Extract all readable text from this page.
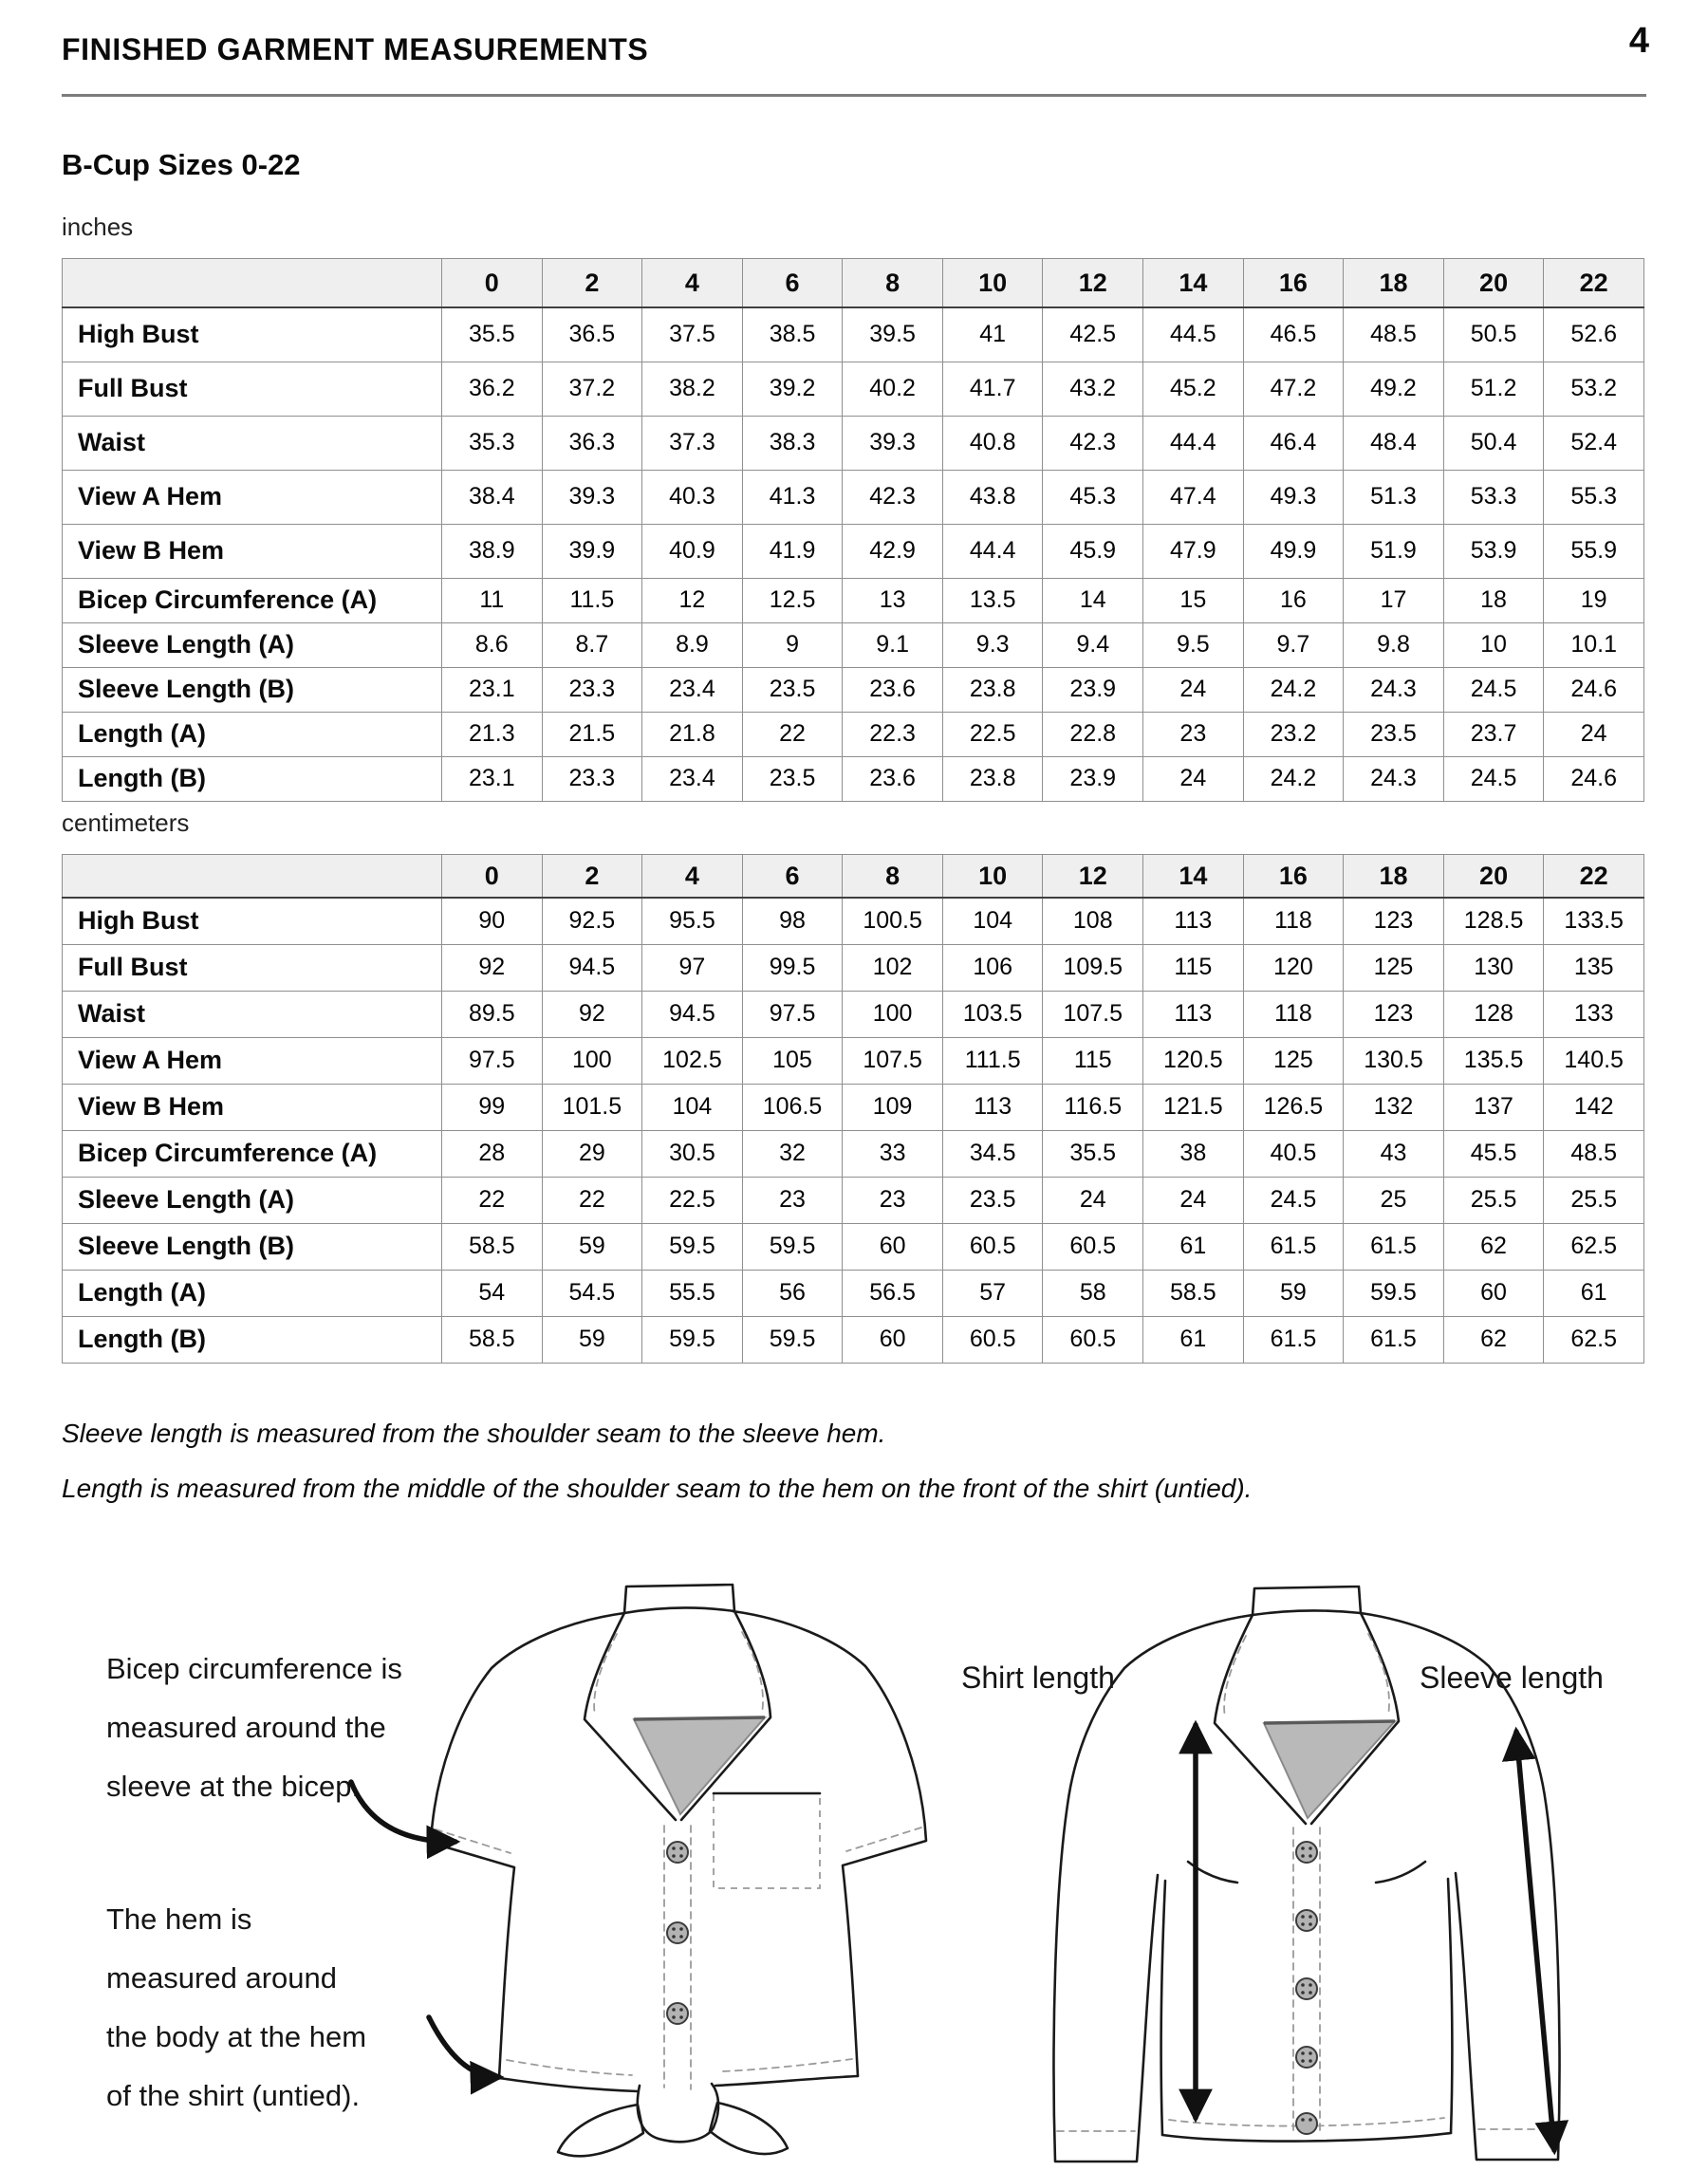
FINISHED GARMENT MEASUREMENTS	4
B-Cup Sizes 0-22
inches
	0	2	4	6	8	10	12	14	16	18	20	22
High Bust	35.5	36.5	37.5	38.5	39.5	41	42.5	44.5	46.5	48.5	50.5	52.6
Full Bust	36.2	37.2	38.2	39.2	40.2	41.7	43.2	45.2	47.2	49.2	51.2	53.2
Waist	35.3	36.3	37.3	38.3	39.3	40.8	42.3	44.4	46.4	48.4	50.4	52.4
View A Hem	38.4	39.3	40.3	41.3	42.3	43.8	45.3	47.4	49.3	51.3	53.3	55.3
View B Hem	38.9	39.9	40.9	41.9	42.9	44.4	45.9	47.9	49.9	51.9	53.9	55.9
Bicep Circumference (A)	11	11.5	12	12.5	13	13.5	14	15	16	17	18	19
Sleeve Length (A)	8.6	8.7	8.9	9	9.1	9.3	9.4	9.5	9.7	9.8	10	10.1
Sleeve Length (B)	23.1	23.3	23.4	23.5	23.6	23.8	23.9	24	24.2	24.3	24.5	24.6
Length (A)	21.3	21.5	21.8	22	22.3	22.5	22.8	23	23.2	23.5	23.7	24
Length (B)	23.1	23.3	23.4	23.5	23.6	23.8	23.9	24	24.2	24.3	24.5	24.6
centimeters
	0	2	4	6	8	10	12	14	16	18	20	22
High Bust	90	92.5	95.5	98	100.5	104	108	113	118	123	128.5	133.5
Full Bust	92	94.5	97	99.5	102	106	109.5	115	120	125	130	135
Waist	89.5	92	94.5	97.5	100	103.5	107.5	113	118	123	128	133
View A Hem	97.5	100	102.5	105	107.5	111.5	115	120.5	125	130.5	135.5	140.5
View B Hem	99	101.5	104	106.5	109	113	116.5	121.5	126.5	132	137	142
Bicep Circumference (A)	28	29	30.5	32	33	34.5	35.5	38	40.5	43	45.5	48.5
Sleeve Length (A)	22	22	22.5	23	23	23.5	24	24	24.5	25	25.5	25.5
Sleeve Length (B)	58.5	59	59.5	59.5	60	60.5	60.5	61	61.5	61.5	62	62.5
Length (A)	54	54.5	55.5	56	56.5	57	58	58.5	59	59.5	60	61
Length (B)	58.5	59	59.5	59.5	60	60.5	60.5	61	61.5	61.5	62	62.5
Sleeve length is measured from the shoulder seam to the sleeve hem.
Length is measured from the middle of the shoulder seam to the hem on the front of the shirt (untied).
Bicep circumference is
measured around the
sleeve at the bicep.
The hem is
measured around
the body at the hem
of the shirt (untied).
Shirt length	Sleeve length
